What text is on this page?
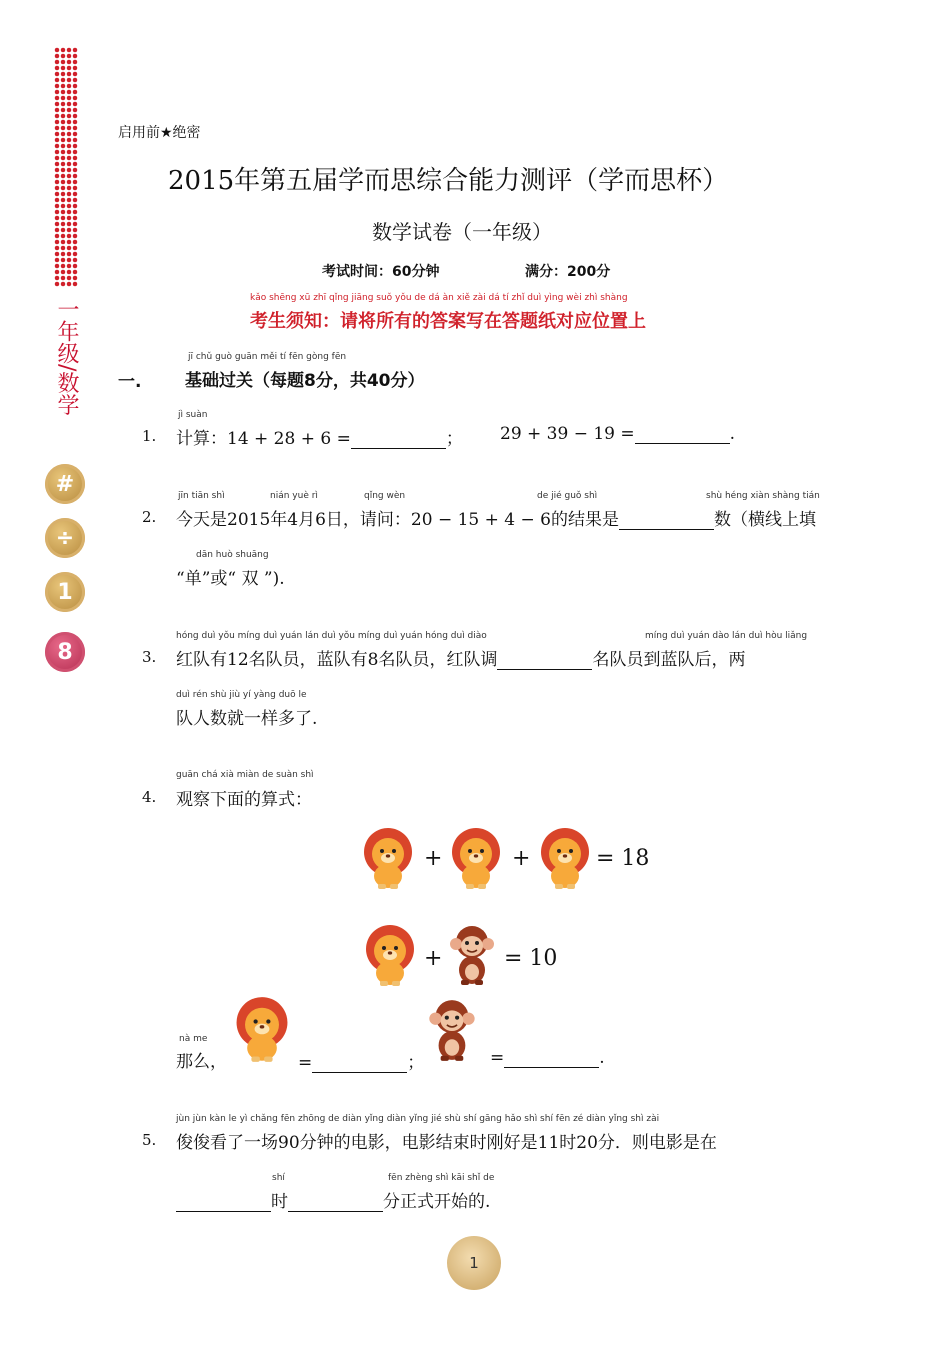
一年级/数学
#
÷
1
8
启用前★绝密
2015年第五届学而思综合能力测评（学而思杯）
数学试卷（一年级）
考试时间：60分钟	满分：200分
kǎo shēng xū zhī qǐng jiāng suǒ yǒu de dá àn xiě zài dá tí zhǐ duì yìng wèi zhì shàng
考生须知：请将所有的答案写在答题纸对应位置上
jī chǔ guò guān měi tí fēn gòng fēn
一.	基础过关（每题8分，共40分）
jì suàn
1. 计算：14 + 28 + 6 =	； 29 + 39 − 19 =	.
jīn tiān shì	nián yuè rì	qǐng wèn	de jié guǒ shì	shù héng xiàn shàng tián
2. 今天是2015年4月6日，请问：20 − 15 + 4 − 6的结果是	数（横线上填
dān huò shuāng
“单”或“ 双 ”).
hóng duì yǒu míng duì yuán lán duì yǒu míng duì yuán hóng duì diào	míng duì yuán dào lán duì hòu liǎng
3. 红队有12名队员，蓝队有8名队员，红队调	名队员到蓝队后，两
duì rén shù jiù yí yàng duō le
队人数就一样多了.
guān chá xià miàn de suàn shì
4. 观察下面的算式：
+	+	= 18
+	= 10
nà me
那么，	=	；	=	.
jùn jùn kàn le yì chǎng fēn zhōng de diàn yǐng diàn yǐng jié shù shí gāng hǎo shì shí fēn zé diàn yǐng shì zài
5. 俊俊看了一场90分钟的电影，电影结束时刚好是11时20分．则电影是在
shí	fēn zhèng shì kāi shǐ de
时	分正式开始的.
1
